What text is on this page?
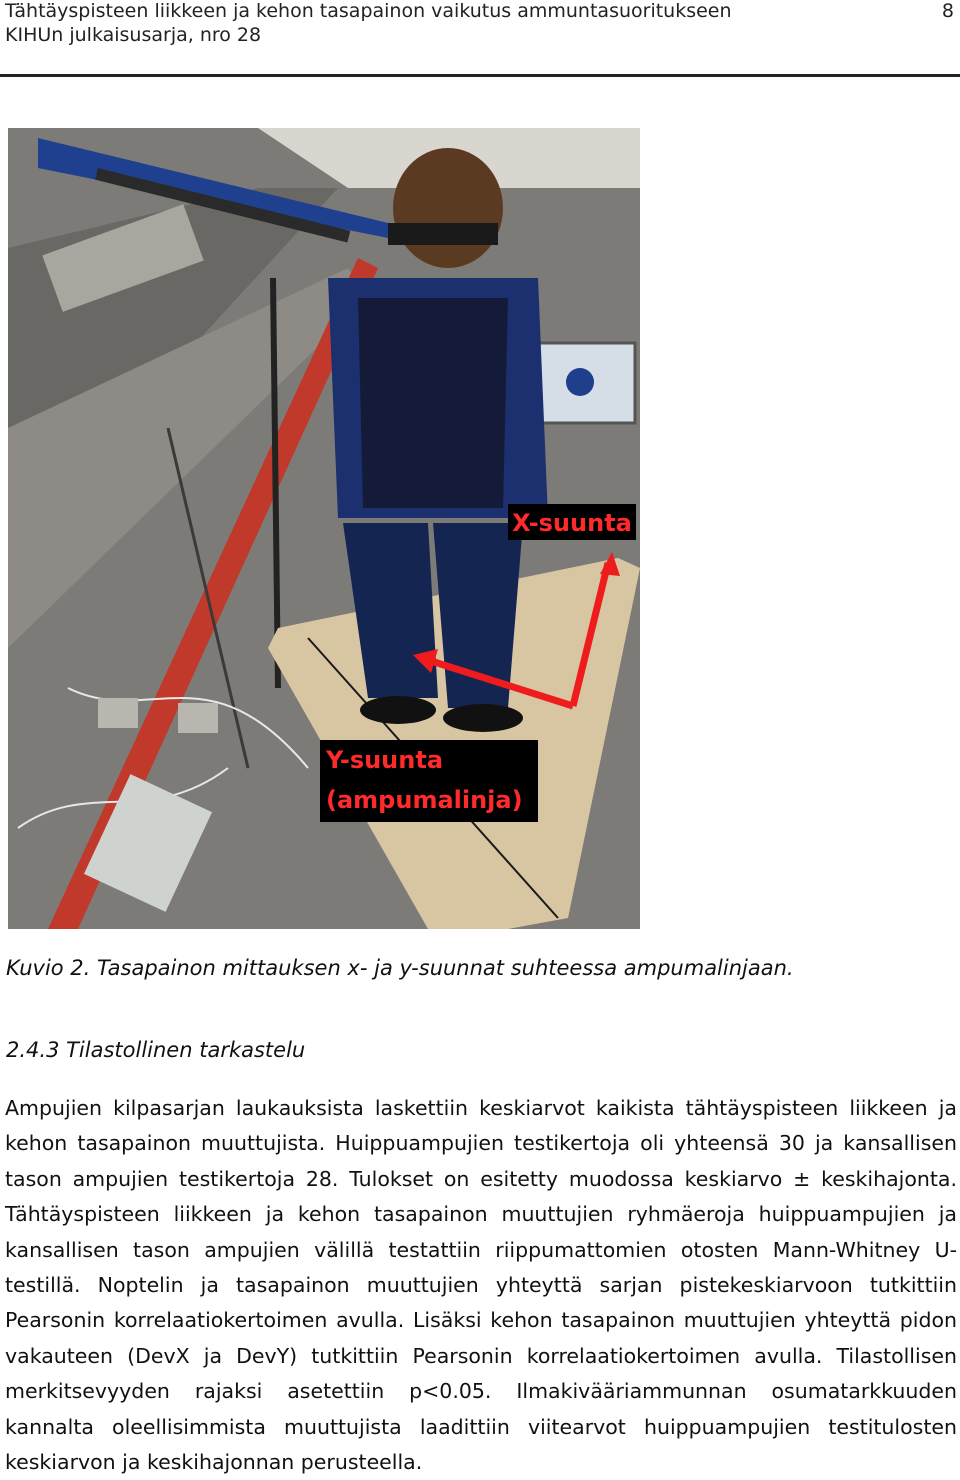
Tähtäyspisteen liikkeen ja kehon tasapainon vaikutus ammuntasuoritukseen
KIHUn julkaisusarja, nro 28
8
X-suunta
Y-suunta
(ampumalinja)
Kuvio 2. Tasapainon mittauksen x- ja y-suunnat suhteessa ampumalinjaan.
2.4.3 Tilastollinen tarkastelu
Ampujien kilpasarjan laukauksista laskettiin keskiarvot kaikista tähtäyspisteen liikkeen ja kehon tasapainon muuttujista. Huippuampujien testikertoja oli yhteensä 30 ja kansallisen tason ampujien testikertoja 28. Tulokset on esitetty muodossa keskiarvo ± keskihajonta. Tähtäyspisteen liikkeen ja kehon tasapainon muuttujien ryhmäeroja huippuampujien ja kansallisen tason ampujien välillä testattiin riippumattomien otosten Mann-Whitney U-testillä. Noptelin ja tasapainon muuttujien yhteyttä sarjan pistekeskiarvoon tutkittiin Pearsonin korrelaatiokertoimen avulla. Lisäksi kehon tasapainon muuttujien yhteyttä pidon vakauteen (DevX ja DevY) tutkittiin Pearsonin korrelaatiokertoimen avulla. Tilastollisen merkitsevyyden rajaksi asetettiin p<0.05. Ilmakivääriammunnan osumatarkkuuden kannalta oleellisimmista muuttujista laadittiin viitearvot huippuampujien testitulosten keskiarvon ja keskihajonnan perusteella.
